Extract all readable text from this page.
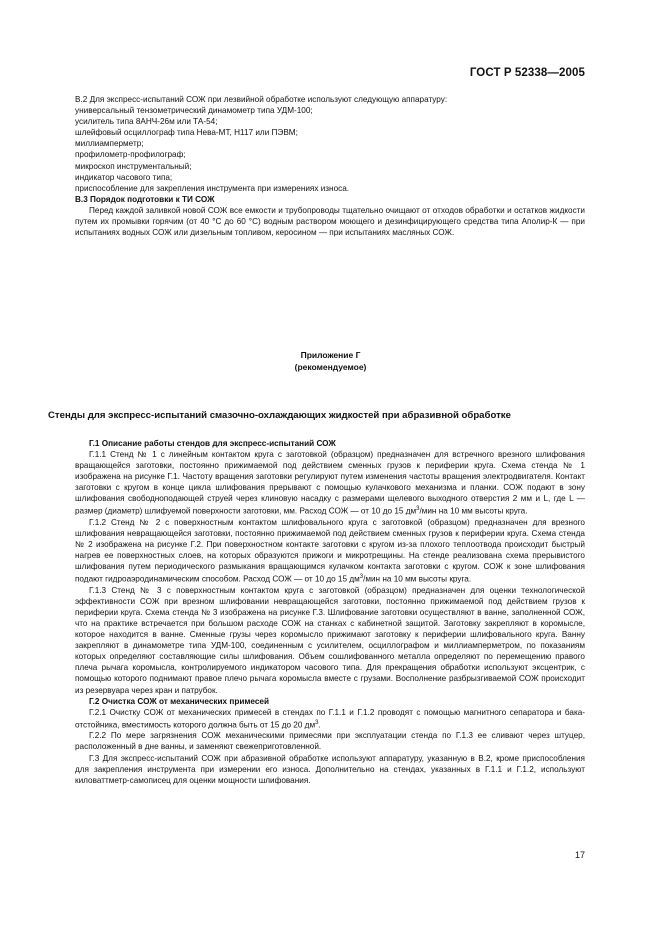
ГОСТ Р 52338—2005
В.2 Для экспресс-испытаний СОЖ при лезвийной обработке используют следующую аппаратуру:
универсальный тензометрический динамометр типа УДМ-100;
усилитель типа 8АНЧ-26м или ТА-54;
шлейфовый осциллограф типа Нева-МТ, Н117 или ПЭВМ;
миллиамперметр;
профилометр-профилограф;
микроскоп инструментальный;
индикатор часового типа;
приспособление для закрепления инструмента при измерениях износа.
В.3 Порядок подготовки к ТИ СОЖ
Перед каждой заливкой новой СОЖ все емкости и трубопроводы тщательно очищают от отходов обработки и остатков жидкости путем их промывки горячим (от 40 °С до 60 °С) водным раствором моющего и дезинфицирующего средства типа Аполир-К — при испытаниях водных СОЖ или дизельным топливом, керосином — при испытаниях масляных СОЖ.
Приложение Г
(рекомендуемое)
Стенды для экспресс-испытаний смазочно-охлаждающих жидкостей при абразивной обработке
Г.1 Описание работы стендов для экспресс-испытаний СОЖ
Г.1.1 Стенд № 1 с линейным контактом круга с заготовкой (образцом) предназначен для встречного врезного шлифования вращающейся заготовки, постоянно прижимаемой под действием сменных грузов к периферии круга. Схема стенда № 1 изображена на рисунке Г.1. Частоту вращения заготовки регулируют путем изменения частоты вращения электродвигателя. Контакт заготовки с кругом в конце цикла шлифования прерывают с помощью кулачкового механизма и планки. СОЖ подают в зону шлифования свободноподающей струей через клиновую насадку с размерами щелевого выходного отверстия 2 мм и L, где L — размер (диаметр) шлифуемой поверхности заготовки, мм. Расход СОЖ — от 10 до 15 $дм^3$/мин на 10 мм высоты круга.
Г.1.2 Стенд № 2 с поверхностным контактом шлифовального круга с заготовкой (образцом) предназначен для врезного шлифования невращающейся заготовки, постоянно прижимаемой под действием сменных грузов к периферии круга. Схема стенда № 2 изображена на рисунке Г.2. При поверхностном контакте заготовки с кругом из-за плохого теплоотвода происходит быстрый нагрев ее поверхностных слоев, на которых образуются прижоги и микротрещины. На стенде реализована схема прерывистого шлифования путем периодического размыкания вращающимся кулачком контакта заготовки с кругом. СОЖ к зоне шлифования подают гидроаэродинамическим способом. Расход СОЖ — от 10 до 15 $дм^3$/мин на 10 мм высоты круга.
Г.1.3 Стенд № 3 с поверхностным контактом круга с заготовкой (образцом) предназначен для оценки технологической эффективности СОЖ при врезном шлифовании невращающейся заготовки, постоянно прижимаемой под действием грузов к периферии круга. Схема стенда № 3 изображена на рисунке Г.3. Шлифование заготовки осуществляют в ванне, заполненной СОЖ, что на практике встречается при большом расходе СОЖ на станках с кабинетной защитой. Заготовку закрепляют в коромысле, которое находится в ванне. Сменные грузы через коромысло прижимают заготовку к периферии шлифовального круга. Ванну закрепляют в динамометре типа УДМ-100, соединенным с усилителем, осциллографом и миллиамперметром, по показаниям которых определяют составляющие силы шлифования. Объем сошлифованного металла определяют по перемещению правого плеча рычага коромысла, контролируемого индикатором часового типа. Для прекращения обработки используют эксцентрик, с помощью которого поднимают правое плечо рычага коромысла вместе с грузами. Восполнение разбрызгиваемой СОЖ происходит из резервуара через кран и патрубок.
Г.2 Очистка СОЖ от механических примесей
Г.2.1 Очистку СОЖ от механических примесей в стендах по Г.1.1 и Г.1.2 проводят с помощью магнитного сепаратора и бака-отстойника, вместимость которого должна быть от 15 до 20 $дм^3$.
Г.2.2 По мере загрязнения СОЖ механическими примесями при эксплуатации стенда по Г.1.3 ее сливают через штуцер, расположенный в дне ванны, и заменяют свежеприготовленной.
Г.3 Для экспресс-испытаний СОЖ при абразивной обработке используют аппаратуру, указанную в В.2, кроме приспособления для закрепления инструмента при измерении его износа. Дополнительно на стендах, указанных в Г.1.1 и Г.1.2, используют киловаттметр-самописец для оценки мощности шлифования.
17
